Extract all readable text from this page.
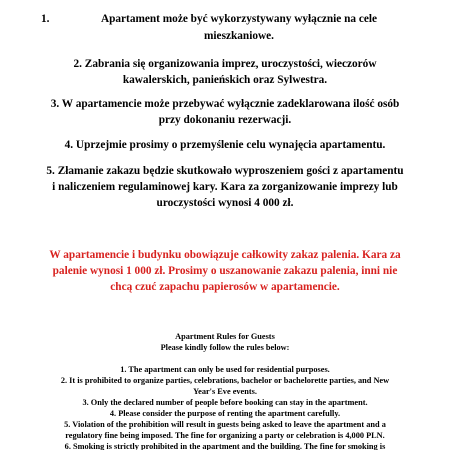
1.	Apartament może być wykorzystywany wyłącznie na cele
mieszkaniowe.
2. Zabrania się organizowania imprez, uroczystości, wieczorów
kawalerskich, panieńskich oraz Sylwestra.
3. W apartamencie może przebywać wyłącznie zadeklarowana ilość osób
przy dokonaniu rezerwacji.
4. Uprzejmie prosimy o przemyślenie celu wynajęcia apartamentu.
5. Złamanie zakazu będzie skutkowało wyproszeniem gości z apartamentu
i naliczeniem regulaminowej kary. Kara za zorganizowanie imprezy lub
uroczystości wynosi 4 000 zł.
W apartamencie i budynku obowiązuje całkowity zakaz palenia. Kara za
palenie wynosi 1 000 zł. Prosimy o uszanowanie zakazu palenia, inni nie
chcą czuć zapachu papierosów w apartamencie.
Apartment Rules for Guests
Please kindly follow the rules below:
1. The apartment can only be used for residential purposes.
2. It is prohibited to organize parties, celebrations, bachelor or bachelorette parties, and New
Year's Eve events.
3. Only the declared number of people before booking can stay in the apartment.
4. Please consider the purpose of renting the apartment carefully.
5. Violation of the prohibition will result in guests being asked to leave the apartment and a
regulatory fine being imposed. The fine for organizing a party or celebration is 4,000 PLN.
6. Smoking is strictly prohibited in the apartment and the building. The fine for smoking is
